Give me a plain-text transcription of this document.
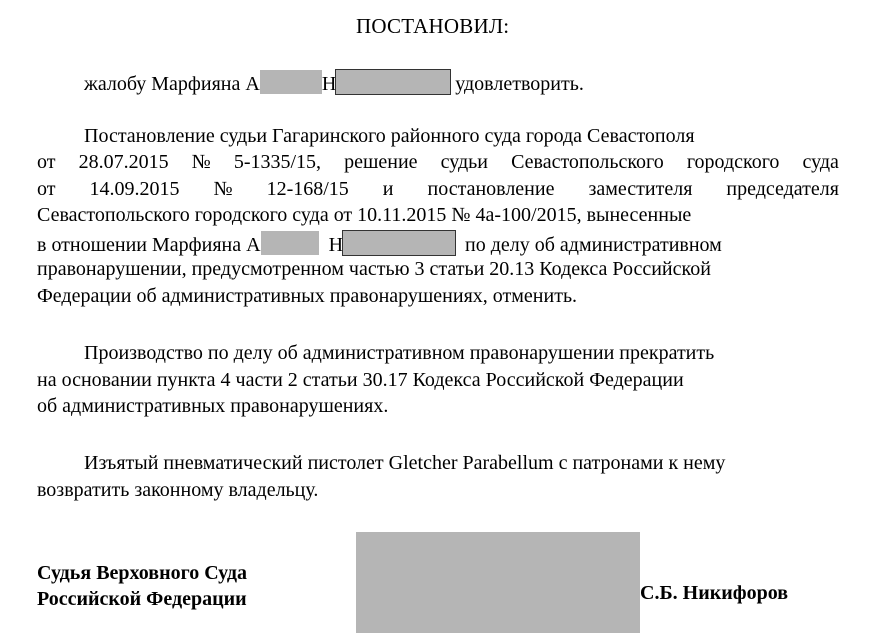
ПОСТАНОВИЛ:
жалобу Марфияна А	Н	удовлетворить.
Постановление судьи Гагаринского районного суда города Севастополя
от 28.07.2015 № 5-1335/15, решение судьи Севастопольского городского суда
от 14.09.2015 № 12-168/15 и постановление заместителя председателя
Севастопольского городского суда от 10.11.2015 № 4а-100/2015, вынесенные
в отношении Марфияна А	Н	по делу об административном
правонарушении, предусмотренном частью 3 статьи 20.13 Кодекса Российской
Федерации об административных правонарушениях, отменить.
Производство по делу об административном правонарушении прекратить
на основании пункта 4 части 2 статьи 30.17 Кодекса Российской Федерации
об административных правонарушениях.
Изъятый пневматический пистолет Gletcher Parabellum с патронами к нему
возвратить законному владельцу.
Судья Верховного Суда
Российской Федерации	С.Б. Никифоров
